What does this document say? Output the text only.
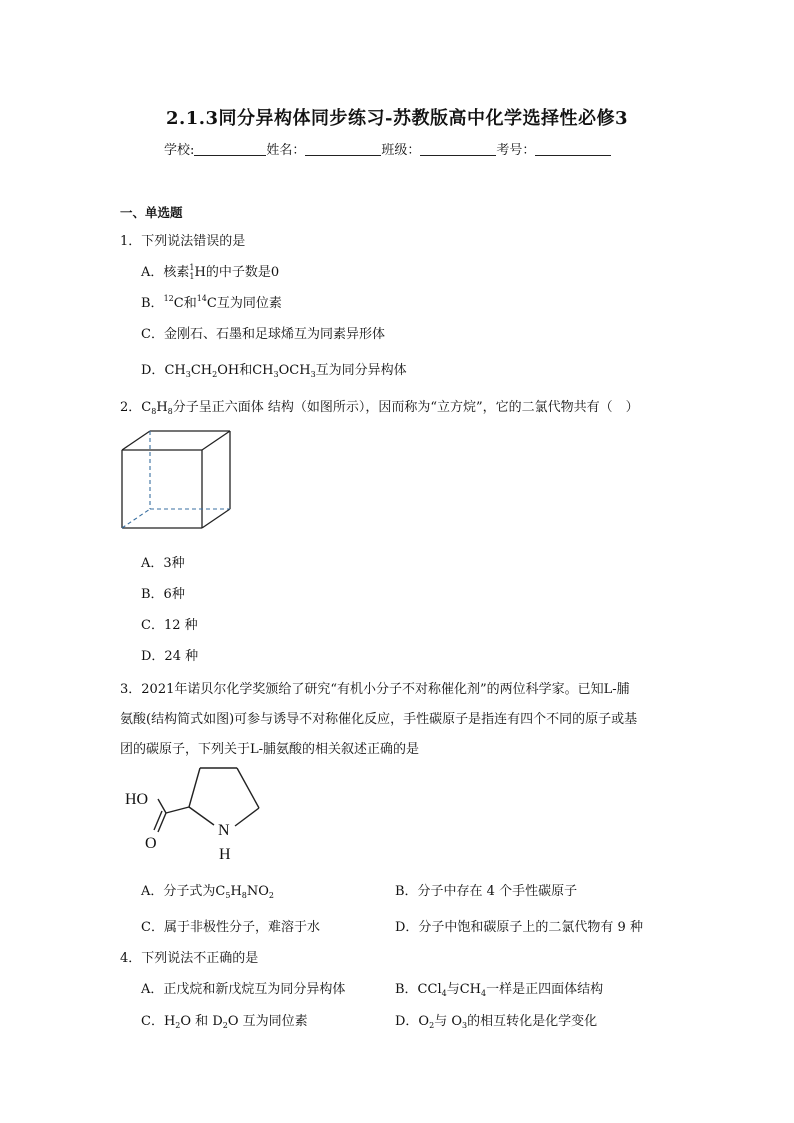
2.1.3同分异构体同步练习-苏教版高中化学选择性必修3
学校:	姓名：	班级：	考号：
一、单选题
1．下列说法错误的是
A．核素1
1H的中子数是0
B．$^{12}$C和$^{14}$C互为同位素
C．金刚石、石墨和足球烯互为同素异形体
D．$CH_3CH_2OH$和$CH_3OCH_3$互为同分异构体
2．$C_8H_8$分子呈正六面体 结构（如图所示），因而称为“立方烷”，它的二氯代物共有（　）
A．3种
B．6种
C．12 种
D．24 种
3．2021年诺贝尔化学奖颁给了研究“有机小分子不对称催化剂”的两位科学家。已知L-脯
氨酸(结构简式如图)可参与诱导不对称催化反应，手性碳原子是指连有四个不同的原子或基
团的碳原子，下列关于L-脯氨酸的相关叙述正确的是
HO
O
N
H
A．分子式为$C_5H_8NO_2$	B．分子中存在 4 个手性碳原子
C．属于非极性分子，难溶于水	D．分子中饱和碳原子上的二氯代物有 9 种
4．下列说法不正确的是
A．正戊烷和新戊烷互为同分异构体	B．CCl$_4$与$CH_4$一样是正四面体结构
C．$H_2O$ 和 $D_2O$ 互为同位素	D．$O_2$与 $O_3$的相互转化是化学变化
